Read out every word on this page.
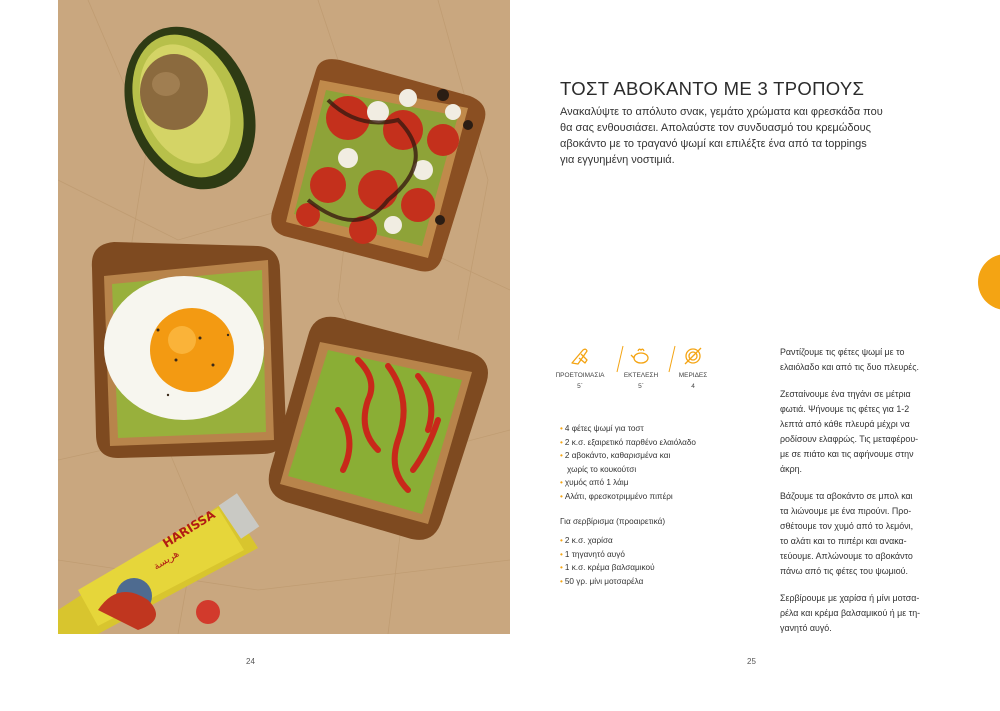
HARISSA
هريسة
24
ΤΟΣΤ ΑΒΟΚΑΝΤΟ ΜΕ 3 ΤΡΟΠΟΥΣ
Ανακαλύψτε το απόλυτο σνακ, γεμάτο χρώματα και φρεσκάδα που
θα σας ενθουσιάσει. Απολαύστε τον συνδυασμό του κρεμώδους
αβοκάντο με το τραγανό ψωμί και επιλέξτε ένα από τα toppings
για εγγυημένη νοστιμιά.
ΠΡΟΕΤΟΙΜΑΣΙΑ
5΄
ΕΚΤΕΛΕΣΗ
5΄
ΜΕΡΙΔΕΣ
4
• 4 φέτες ψωμί για τοστ
• 2 κ.σ. εξαιρετικό παρθένο ελαιόλαδο
• 2 αβοκάντο, καθαρισμένα και
χωρίς το κουκούτσι
• χυμός από 1 λάιμ
• Αλάτι, φρεσκοτριμμένο πιπέρι

Για σερβίρισμα (προαιρετικά)

• 2 κ.σ. χαρίσα
• 1 τηγανητό αυγό
• 1 κ.σ. κρέμα βαλσαμικού
• 50 γρ. μίνι μοτσαρέλα

Ραντίζουμε τις φέτες ψωμί με το
ελαιόλαδο και από τις δυο πλευρές.

Ζεσταίνουμε ένα τηγάνι σε μέτρια
φωτιά. Ψήνουμε τις φέτες για 1-2
λεπτά από κάθε πλευρά μέχρι να
ροδίσουν ελαφρώς. Τις μεταφέρου-
με σε πιάτο και τις αφήνουμε στην
άκρη.

Βάζουμε τα αβοκάντο σε μπολ και
τα λιώνουμε με ένα πιρούνι. Προ-
σθέτουμε τον χυμό από το λεμόνι,
το αλάτι και το πιπέρι και ανακα-
τεύουμε. Απλώνουμε το αβοκάντο
πάνω από τις φέτες του ψωμιού.

Σερβίρουμε με χαρίσα ή μίνι μοτσα-
ρέλα και κρέμα βαλσαμικού ή με τη-
γανητό αυγό.

25
